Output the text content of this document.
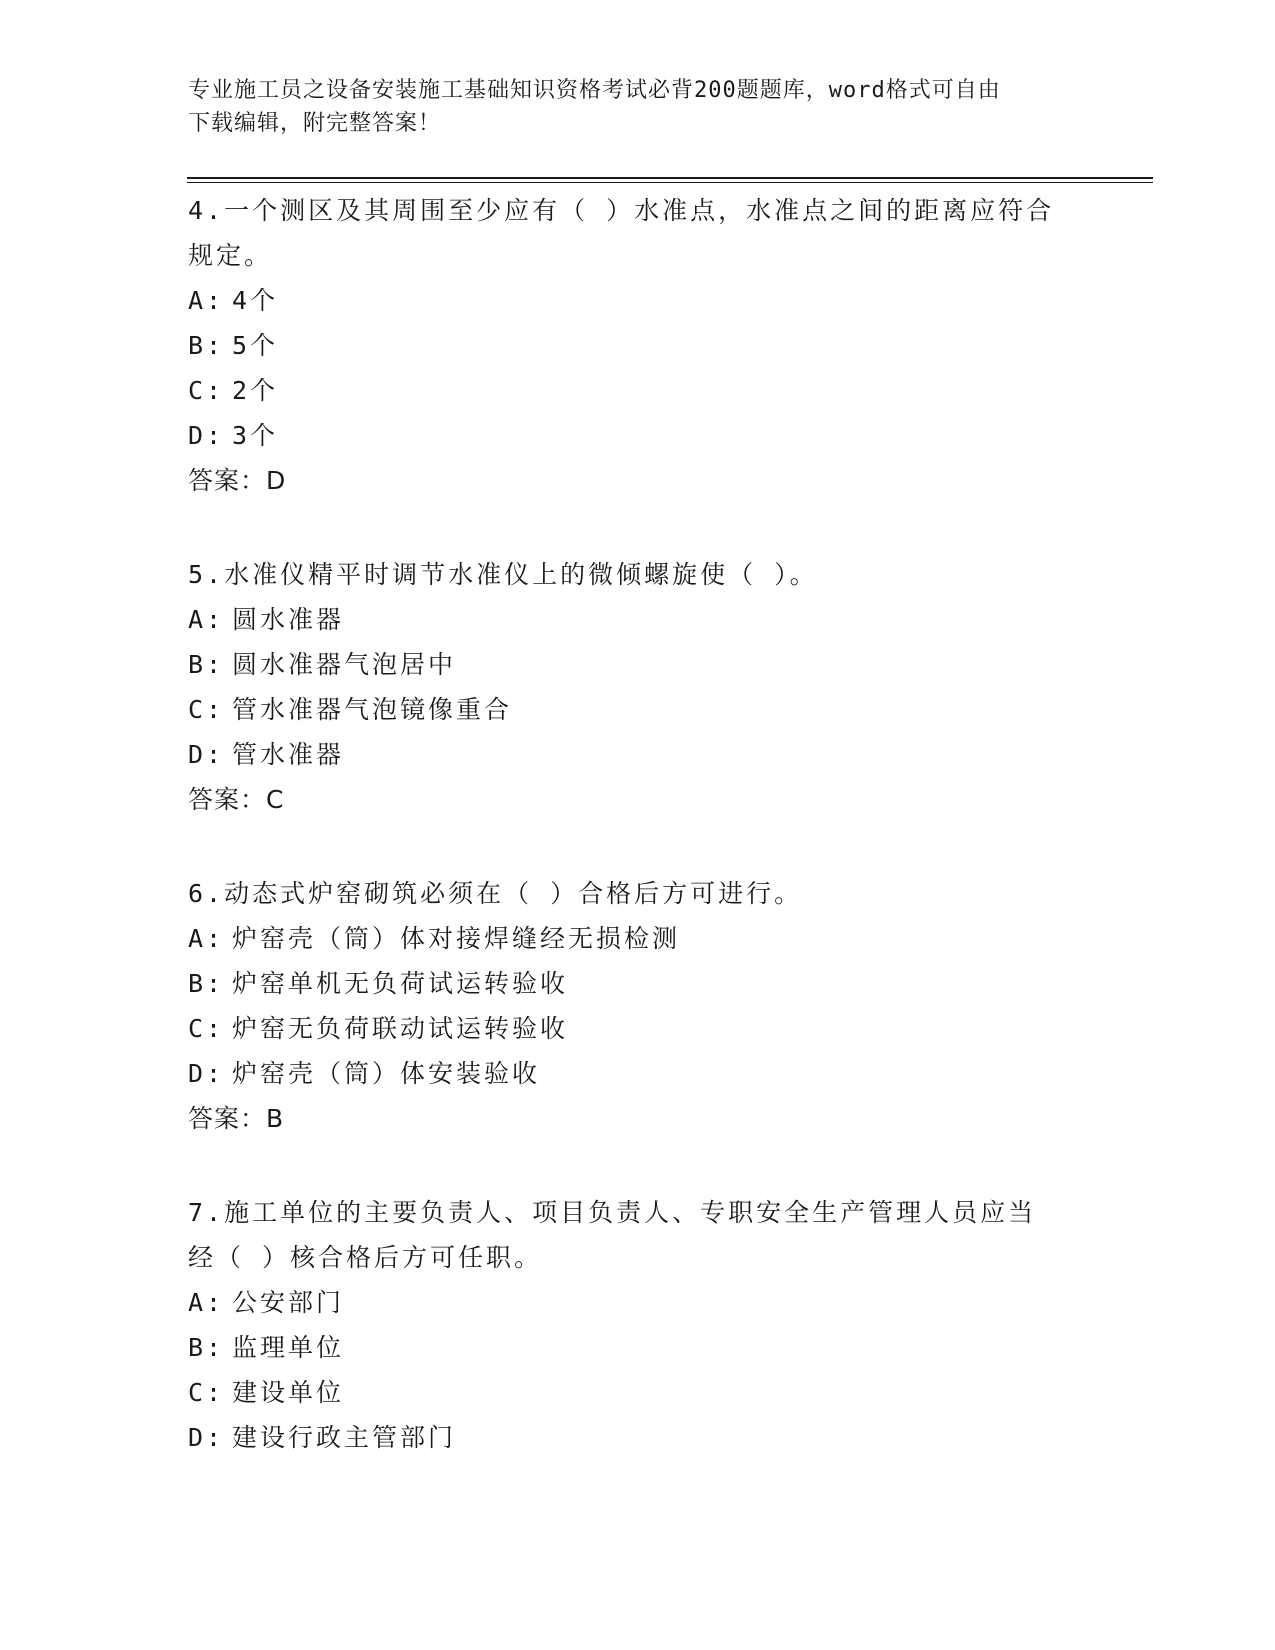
专业施工员之设备安装施工基础知识资格考试必背200题题库，word格式可自由
下载编辑，附完整答案！
4.一个测区及其周围至少应有（ ）水准点，水准点之间的距离应符合
规定。
A: 4个
B: 5个
C: 2个
D: 3个
答案：D
5.水准仪精平时调节水准仪上的微倾螺旋使（ ）。
A: 圆水准器
B: 圆水准器气泡居中
C: 管水准器气泡镜像重合
D: 管水准器
答案：C
6.动态式炉窑砌筑必须在（ ）合格后方可进行。
A: 炉窑壳（筒）体对接焊缝经无损检测
B: 炉窑单机无负荷试运转验收
C: 炉窑无负荷联动试运转验收
D: 炉窑壳（筒）体安装验收
答案：B
7.施工单位的主要负责人、项目负责人、专职安全生产管理人员应当
经（ ）核合格后方可任职。
A: 公安部门
B: 监理单位
C: 建设单位
D: 建设行政主管部门
